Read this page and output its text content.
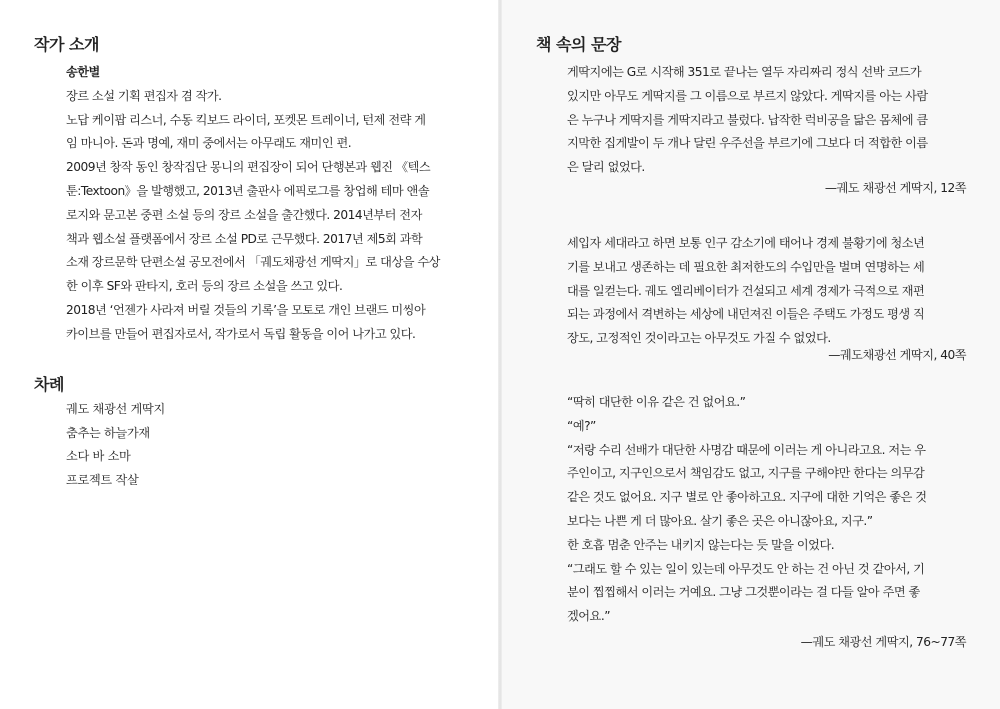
작가 소개
송한별
장르 소설 기획 편집자 겸 작가.
노답 케이팝 리스너, 수동 킥보드 라이더, 포켓몬 트레이너, 턴제 전략 게
임 마니아. 돈과 명예, 재미 중에서는 아무래도 재미인 편.
2009년 창작 동인 창작집단 몽니의 편집장이 되어 단행본과 웹진 《텍스
툰:Textoon》을 발행했고, 2013년 출판사 에픽로그를 창업해 테마 앤솔
로지와 문고본 중편 소설 등의 장르 소설을 출간했다. 2014년부터 전자
책과 웹소설 플랫폼에서 장르 소설 PD로 근무했다. 2017년 제5회 과학
소재 장르문학 단편소설 공모전에서 「궤도채광선 게딱지」로 대상을 수상
한 이후 SF와 판타지, 호러 등의 장르 소설을 쓰고 있다.
2018년 ‘언젠가 사라져 버릴 것들의 기록’을 모토로 개인 브랜드 미씽아
카이브를 만들어 편집자로서, 작가로서 독립 활동을 이어 나가고 있다.
차례
궤도 채광선 게딱지
춤추는 하늘가재
소다 바 소마
프로젝트 작살
책 속의 문장
게딱지에는 G로 시작해 351로 끝나는 열두 자리짜리 정식 선박 코드가
있지만 아무도 게딱지를 그 이름으로 부르지 않았다. 게딱지를 아는 사람
은 누구나 게딱지를 게딱지라고 불렀다. 납작한 럭비공을 닮은 몸체에 큼
지막한 집게발이 두 개나 달린 우주선을 부르기에 그보다 더 적합한 이름
은 달리 없었다.
—궤도 채광선 게딱지, 12쪽
세입자 세대라고 하면 보통 인구 감소기에 태어나 경제 불황기에 청소년
기를 보내고 생존하는 데 필요한 최저한도의 수입만을 벌며 연명하는 세
대를 일컫는다. 궤도 엘리베이터가 건설되고 세계 경제가 극적으로 재편
되는 과정에서 격변하는 세상에 내던져진 이들은 주택도 가정도 평생 직
장도, 고정적인 것이라고는 아무것도 가질 수 없었다.
—궤도채광선 게딱지, 40쪽
“딱히 대단한 이유 같은 건 없어요.”
“예?”
“저랑 수리 선배가 대단한 사명감 때문에 이러는 게 아니라고요. 저는 우
주인이고, 지구인으로서 책임감도 없고, 지구를 구해야만 한다는 의무감
같은 것도 없어요. 지구 별로 안 좋아하고요. 지구에 대한 기억은 좋은 것
보다는 나쁜 게 더 많아요. 살기 좋은 곳은 아니잖아요, 지구.”
한 호흡 멈춘 안주는 내키지 않는다는 듯 말을 이었다.
“그래도 할 수 있는 일이 있는데 아무것도 안 하는 건 아닌 것 같아서, 기
분이 찝찝해서 이러는 거예요. 그냥 그것뿐이라는 걸 다들 알아 주면 좋
겠어요.”
—궤도 채광선 게딱지, 76~77쪽
